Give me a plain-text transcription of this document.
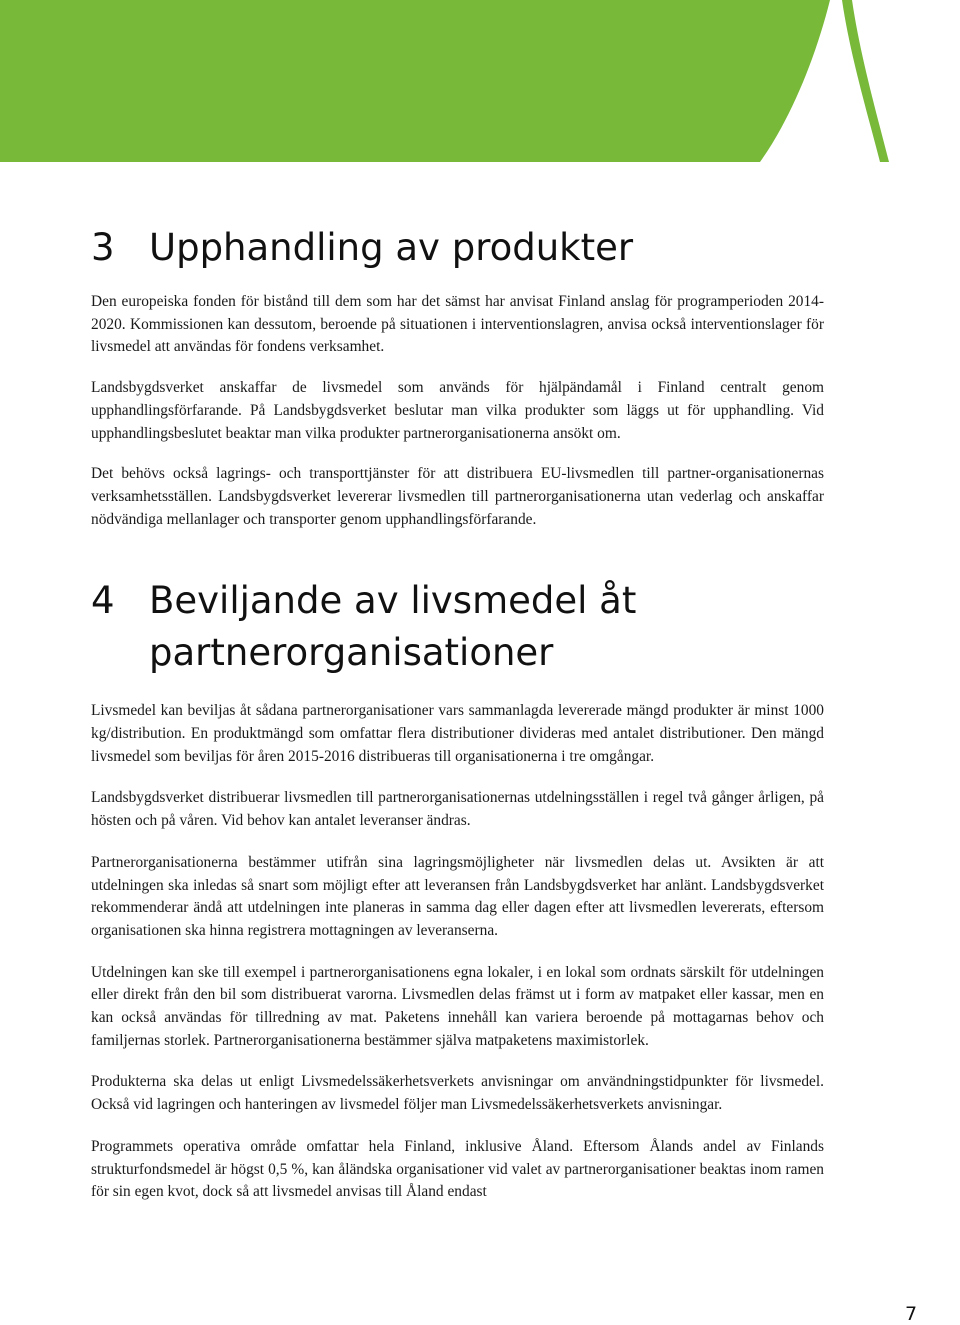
3 Upphandling av produkter

Den europeiska fonden för bistånd till dem som har det sämst har anvisat Finland anslag för programperioden 2014-2020. Kommissionen kan dessutom, beroende på situationen i interventionslagren, anvisa också interventionslager för livsmedel att användas för fondens verksamhet.

Landsbygdsverket anskaffar de livsmedel som används för hjälpändamål i Finland centralt genom upphandlingsförfarande. På Landsbygdsverket beslutar man vilka produkter som läggs ut för upphandling. Vid upphandlingsbeslutet beaktar man vilka produkter partnerorganisationerna ansökt om.

Det behövs också lagrings- och transporttjänster för att distribuera EU-livsmedlen till partner-organisationernas verksamhetsställen. Landsbygdsverket levererar livsmedlen till partnerorganisationerna utan vederlag och anskaffar nödvändiga mellanlager och transporter genom upphandlingsförfarande.

4 Beviljande av livsmedel åt partnerorganisationer

Livsmedel kan beviljas åt sådana partnerorganisationer vars sammanlagda levererade mängd produkter är minst 1000 kg/distribution. En produktmängd som omfattar flera distributioner divideras med antalet distributioner. Den mängd livsmedel som beviljas för åren 2015-2016 distribueras till organisationerna i tre omgångar.

Landsbygdsverket distribuerar livsmedlen till partnerorganisationernas utdelningsställen i regel två gånger årligen, på hösten och på våren. Vid behov kan antalet leveranser ändras.

Partnerorganisationerna bestämmer utifrån sina lagringsmöjligheter när livsmedlen delas ut. Avsikten är att utdelningen ska inledas så snart som möjligt efter att leveransen från Landsbygdsverket har anlänt. Landsbygdsverket rekommenderar ändå att utdelningen inte planeras in samma dag eller dagen efter att livsmedlen levererats, eftersom organisationen ska hinna registrera mottagningen av leveranserna.

Utdelningen kan ske till exempel i partnerorganisationens egna lokaler, i en lokal som ordnats särskilt för utdelningen eller direkt från den bil som distribuerat varorna. Livsmedlen delas främst ut i form av matpaket eller kassar, men en kan också användas för tillredning av mat. Paketens innehåll kan variera beroende på mottagarnas behov och familjernas storlek. Partnerorganisationerna bestämmer själva matpaketens maximistorlek.

Produkterna ska delas ut enligt Livsmedelssäkerhetsverkets anvisningar om användningstidpunkter för livsmedel. Också vid lagringen och hanteringen av livsmedel följer man Livsmedelssäkerhetsverkets anvisningar.

Programmets operativa område omfattar hela Finland, inklusive Åland. Eftersom Ålands andel av Finlands strukturfondsmedel är högst 0,5 %, kan åländska organisationer vid valet av partnerorganisationer beaktas inom ramen för sin egen kvot, dock så att livsmedel anvisas till Åland endast

7
